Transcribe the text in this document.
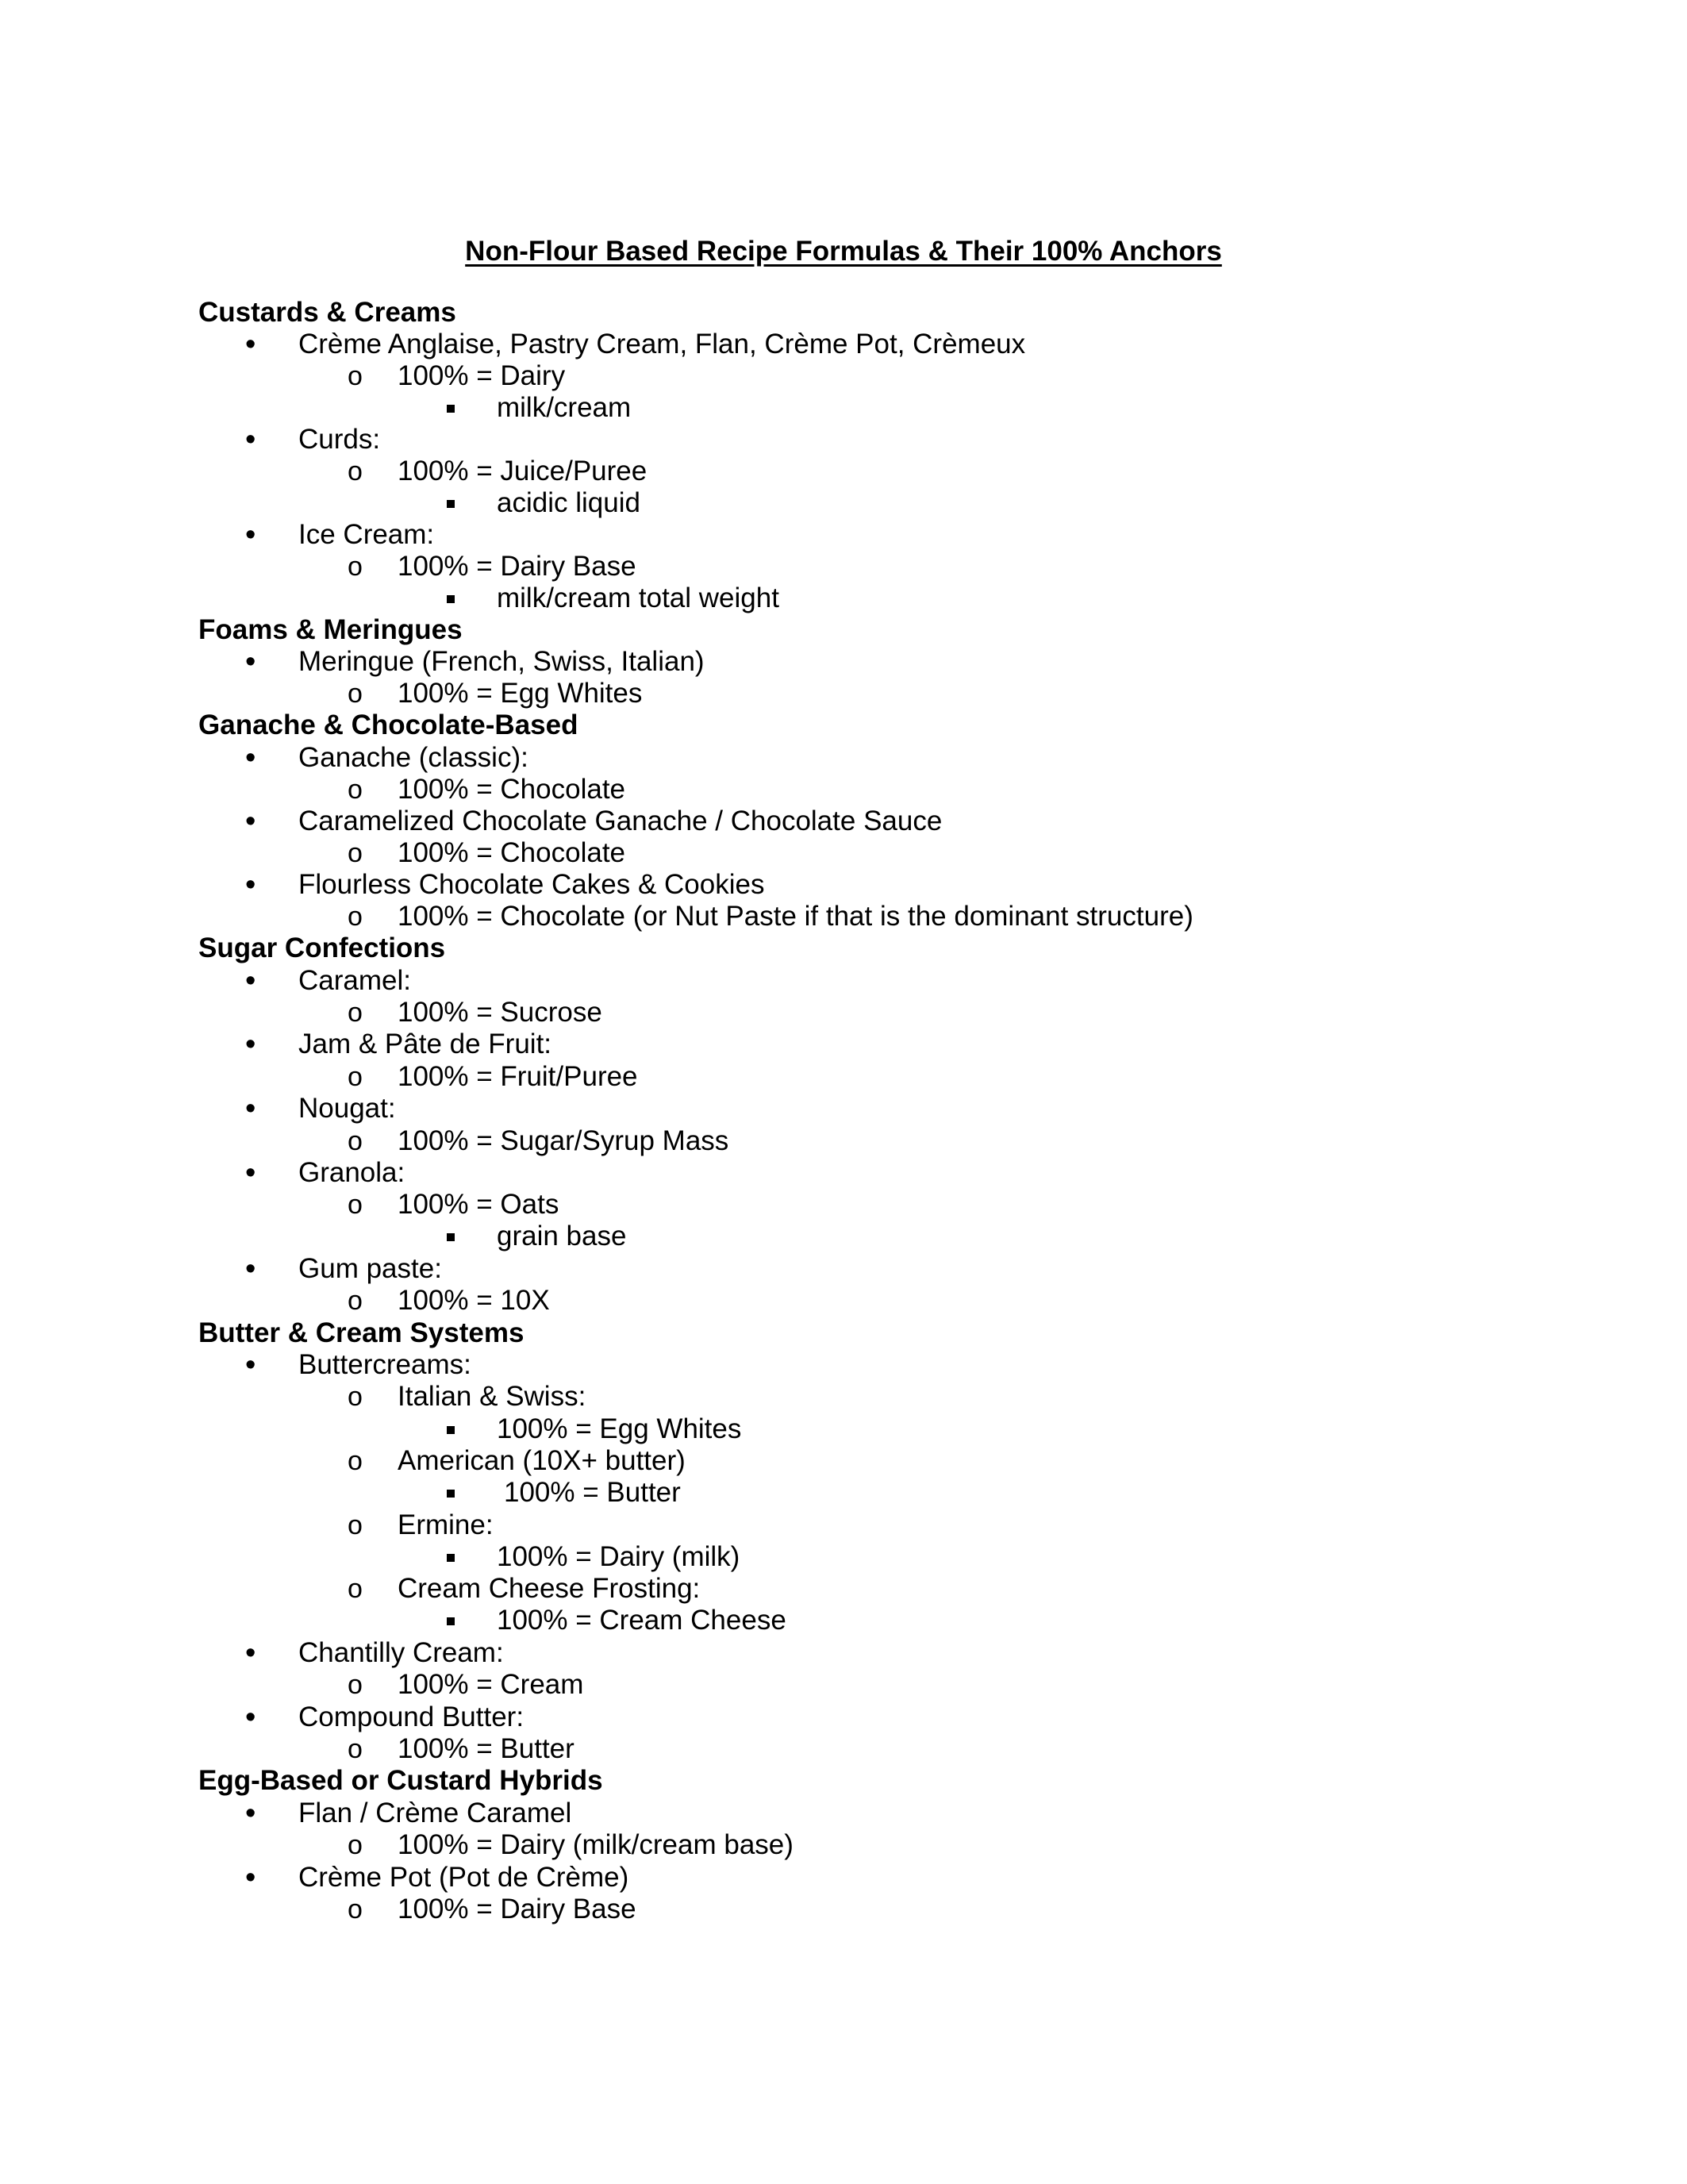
Non-Flour Based Recipe Formulas & Their 100% Anchors
Custards & Creams
• Crème Anglaise, Pastry Cream, Flan, Crème Pot, Crèmeux
o 100% = Dairy
milk/cream
• Curds:
o 100% = Juice/Puree
acidic liquid
• Ice Cream:
o 100% = Dairy Base
milk/cream total weight
Foams & Meringues
• Meringue (French, Swiss, Italian)
o 100% = Egg Whites
Ganache & Chocolate-Based
• Ganache (classic):
o 100% = Chocolate
• Caramelized Chocolate Ganache / Chocolate Sauce
o 100% = Chocolate
• Flourless Chocolate Cakes & Cookies
o 100% = Chocolate (or Nut Paste if that is the dominant structure)
Sugar Confections
• Caramel:
o 100% = Sucrose
• Jam & Pâte de Fruit:
o 100% = Fruit/Puree
• Nougat:
o 100% = Sugar/Syrup Mass
• Granola:
o 100% = Oats
grain base
• Gum paste:
o 100% = 10X
Butter & Cream Systems
• Buttercreams:
o Italian & Swiss:
100% = Egg Whites
o American (10X+ butter)
100% = Butter
o Ermine:
100% = Dairy (milk)
o Cream Cheese Frosting:
100% = Cream Cheese
• Chantilly Cream:
o 100% = Cream
• Compound Butter:
o 100% = Butter
Egg-Based or Custard Hybrids
• Flan / Crème Caramel
o 100% = Dairy (milk/cream base)
• Crème Pot (Pot de Crème)
o 100% = Dairy Base
